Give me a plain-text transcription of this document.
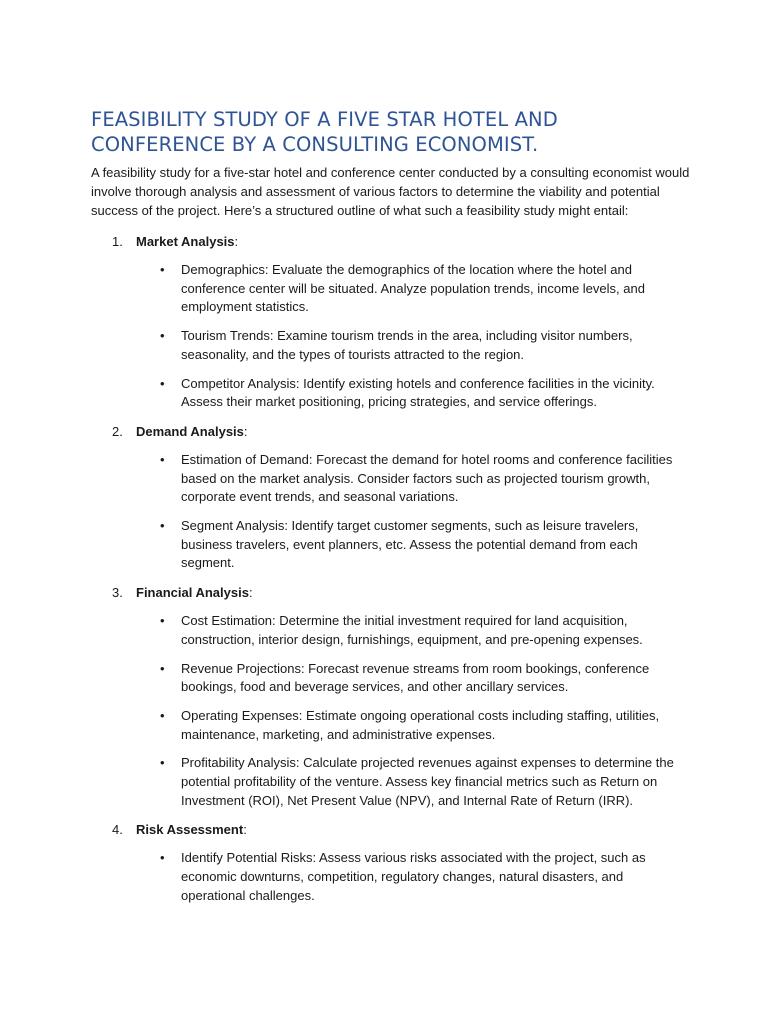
FEASIBILITY STUDY OF A FIVE STAR HOTEL AND CONFERENCE BY A CONSULTING ECONOMIST.

A feasibility study for a five-star hotel and conference center conducted by a consulting economist would involve thorough analysis and assessment of various factors to determine the viability and potential success of the project. Here’s a structured outline of what such a feasibility study might entail:

1. Market Analysis:
• Demographics: Evaluate the demographics of the location where the hotel and conference center will be situated. Analyze population trends, income levels, and employment statistics.
• Tourism Trends: Examine tourism trends in the area, including visitor numbers, seasonality, and the types of tourists attracted to the region.
• Competitor Analysis: Identify existing hotels and conference facilities in the vicinity. Assess their market positioning, pricing strategies, and service offerings.
2. Demand Analysis:
• Estimation of Demand: Forecast the demand for hotel rooms and conference facilities based on the market analysis. Consider factors such as projected tourism growth, corporate event trends, and seasonal variations.
• Segment Analysis: Identify target customer segments, such as leisure travelers, business travelers, event planners, etc. Assess the potential demand from each segment.
3. Financial Analysis:
• Cost Estimation: Determine the initial investment required for land acquisition, construction, interior design, furnishings, equipment, and pre-opening expenses.
• Revenue Projections: Forecast revenue streams from room bookings, conference bookings, food and beverage services, and other ancillary services.
• Operating Expenses: Estimate ongoing operational costs including staffing, utilities, maintenance, marketing, and administrative expenses.
• Profitability Analysis: Calculate projected revenues against expenses to determine the potential profitability of the venture. Assess key financial metrics such as Return on Investment (ROI), Net Present Value (NPV), and Internal Rate of Return (IRR).
4. Risk Assessment:
• Identify Potential Risks: Assess various risks associated with the project, such as economic downturns, competition, regulatory changes, natural disasters, and operational challenges.
